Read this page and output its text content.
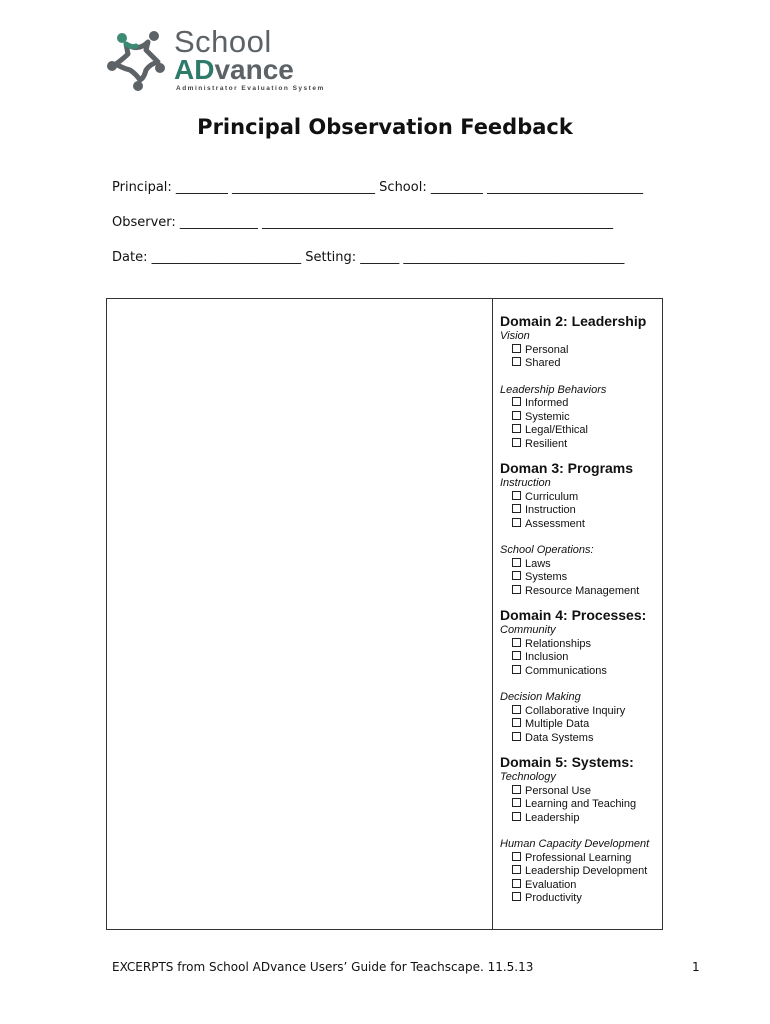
School
ADvance
Administrator Evaluation System
Principal Observation Feedback
Principal: ________ ______________________ School: ________ ________________________
Observer: ____________ ______________________________________________________
Date: _______________________ Setting: ______ __________________________________
Domain 2: Leadership
Vision
Personal
Shared
Leadership Behaviors
Informed
Systemic
Legal/Ethical
Resilient
Doman 3: Programs
Instruction
Curriculum
Instruction
Assessment
School Operations:
Laws
Systems
Resource Management
Domain 4: Processes:
Community
Relationships
Inclusion
Communications
Decision Making
Collaborative Inquiry
Multiple Data
Data Systems
Domain 5: Systems:
Technology
Personal Use
Learning and Teaching
Leadership
Human Capacity Development
Professional Learning
Leadership Development
Evaluation
Productivity
EXCERPTS from School ADvance Users’ Guide for Teachscape. 11.5.13	1
